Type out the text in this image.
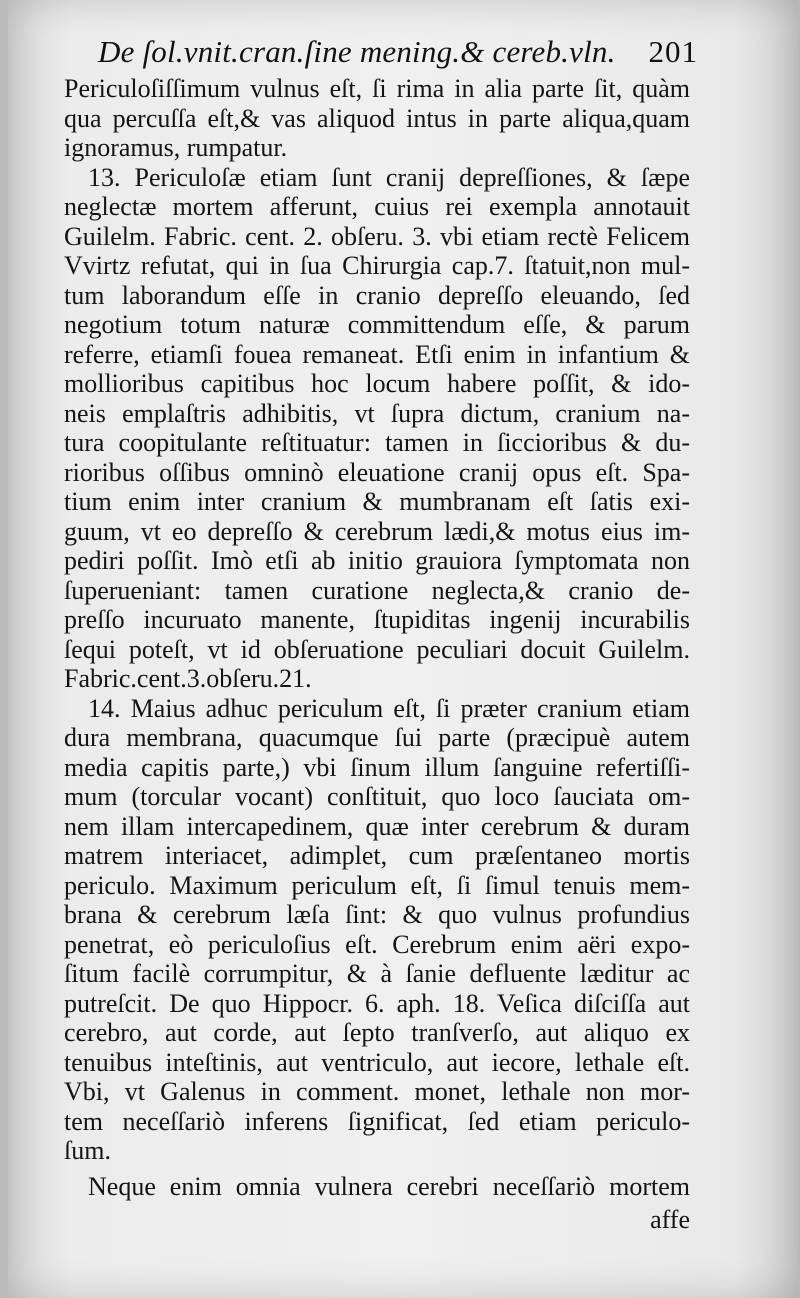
De ſol.vnit.cran.ſine mening.& cereb.vln. 201
Periculoſiſſimum vulnus eſt, ſi rima in alia parte ſit, quàm
qua percuſſa eſt,& vas aliquod intus in parte aliqua,quam
ignoramus, rumpatur.
13. Periculoſæ etiam ſunt cranij depreſſiones, & ſæpe
neglectæ mortem afferunt, cuius rei exempla annotauit
Guilelm. Fabric. cent. 2. obſeru. 3. vbi etiam rectè Felicem
Vvirtz refutat, qui in ſua Chirurgia cap.7. ſtatuit,non mul-
tum laborandum eſſe in cranio depreſſo eleuando, ſed
negotium totum naturæ committendum eſſe, & parum
referre, etiamſi fouea remaneat. Etſi enim in infantium &
mollioribus capitibus hoc locum habere poſſit, & ido-
neis emplaſtris adhibitis, vt ſupra dictum, cranium na-
tura coopitulante reſtituatur: tamen in ſiccioribus & du-
rioribus oſſibus omninò eleuatione cranij opus eſt. Spa-
tium enim inter cranium & mumbranam eſt ſatis exi-
guum, vt eo depreſſo & cerebrum lædi,& motus eius im-
pediri poſſit. Imò etſi ab initio grauiora ſymptomata non
ſuperueniant: tamen curatione neglecta,& cranio de-
preſſo incuruato manente, ſtupiditas ingenij incurabilis
ſequi poteſt, vt id obſeruatione peculiari docuit Guilelm.
Fabric.cent.3.obſeru.21.
14. Maius adhuc periculum eſt, ſi præter cranium etiam
dura membrana, quacumque ſui parte (præcipuè autem
media capitis parte,) vbi ſinum illum ſanguine refertiſſi-
mum (torcular vocant) conſtituit, quo loco ſauciata om-
nem illam intercapedinem, quæ inter cerebrum & duram
matrem interiacet, adimplet, cum præſentaneo mortis
periculo. Maximum periculum eſt, ſi ſimul tenuis mem-
brana & cerebrum læſa ſint: & quo vulnus profundius
penetrat, eò periculoſius eſt. Cerebrum enim aëri expo-
ſitum facilè corrumpitur, & à ſanie defluente læditur ac
putreſcit. De quo Hippocr. 6. aph. 18. Veſica diſciſſa aut
cerebro, aut corde, aut ſepto tranſverſo, aut aliquo ex
tenuibus inteſtinis, aut ventriculo, aut iecore, lethale eſt.
Vbi, vt Galenus in comment. monet, lethale non mor-
tem neceſſariò inferens ſignificat, ſed etiam periculo-
ſum.
Neque enim omnia vulnera cerebri neceſſariò mortem
affe
